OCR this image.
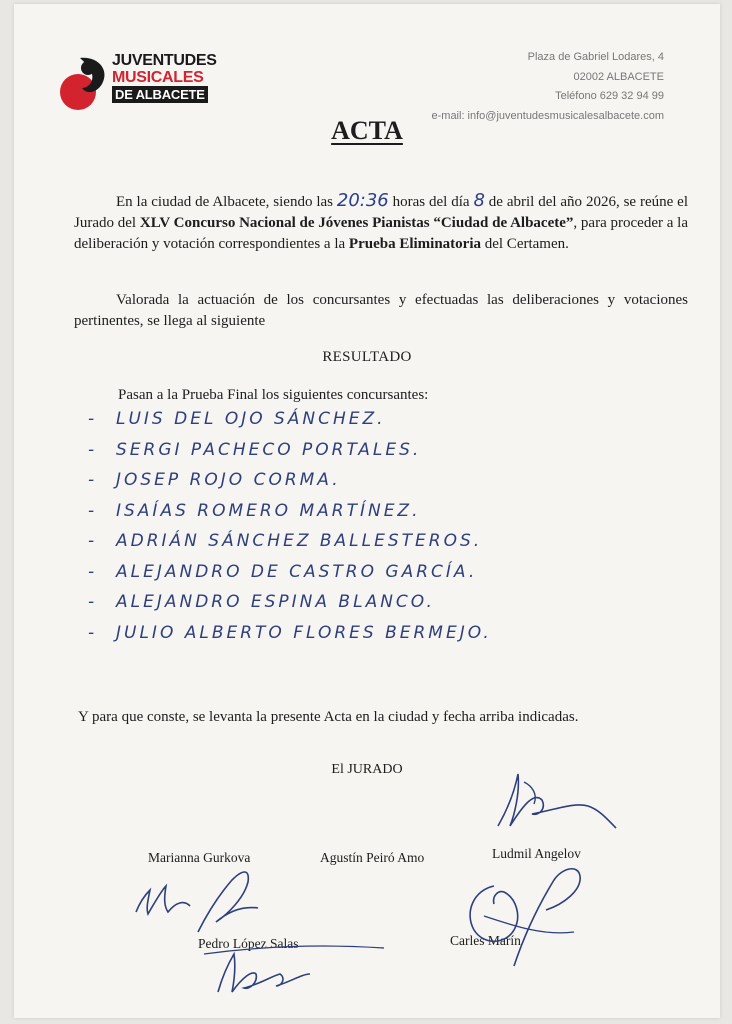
JUVENTUDES
MUSICALES
DE ALBACETE
Plaza de Gabriel Lodares, 4
02002 ALBACETE
Teléfono 629 32 94 99
e-mail: info@juventudesmusicalesalbacete.com
ACTA
En la ciudad de Albacete, siendo las 20:36 horas del día 8 de abril del año 2026, se reúne el Jurado del XLV Concurso Nacional de Jóvenes Pianistas “Ciudad de Albacete”, para proceder a la deliberación y votación correspondientes a la Prueba Eliminatoria del Certamen.
Valorada la actuación de los concursantes y efectuadas las deliberaciones y votaciones pertinentes, se llega al siguiente
RESULTADO
Pasan a la Prueba Final los siguientes concursantes:
- LUIS DEL OJO SÁNCHEZ.
- SERGI PACHECO PORTALES.
- JOSEP ROJO CORMA.
- ISAÍAS ROMERO MARTÍNEZ.
- ADRIÁN SÁNCHEZ BALLESTEROS.
- ALEJANDRO DE CASTRO GARCÍA.
- ALEJANDRO ESPINA BLANCO.
- JULIO ALBERTO FLORES BERMEJO.
Y para que conste, se levanta la presente Acta en la ciudad y fecha arriba indicadas.
El JURADO
Marianna Gurkova	Agustín Peiró Amo	Ludmil Angelov
Pedro López Salas	Carles Marín
